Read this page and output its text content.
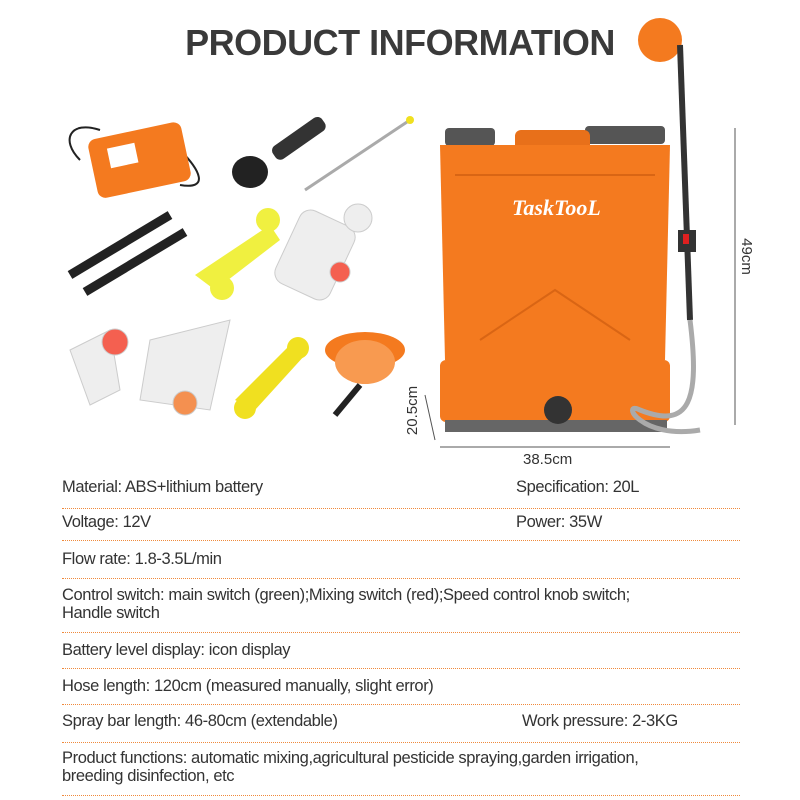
PRODUCT INFORMATION
TaskTooL
49cm
38.5cm
20.5cm
Material: ABS+lithium battery	Specification: 20L
Voltage: 12V	Power: 35W
Flow rate: 1.8-3.5L/min
Control switch: main switch (green);Mixing switch (red);Speed control knob switch;
Handle switch
Battery level display: icon display
Hose length: 120cm (measured manually, slight error)
Spray bar length: 46-80cm (extendable)	Work pressure: 2-3KG
Product functions: automatic mixing,agricultural pesticide spraying,garden irrigation,
breeding disinfection, etc
